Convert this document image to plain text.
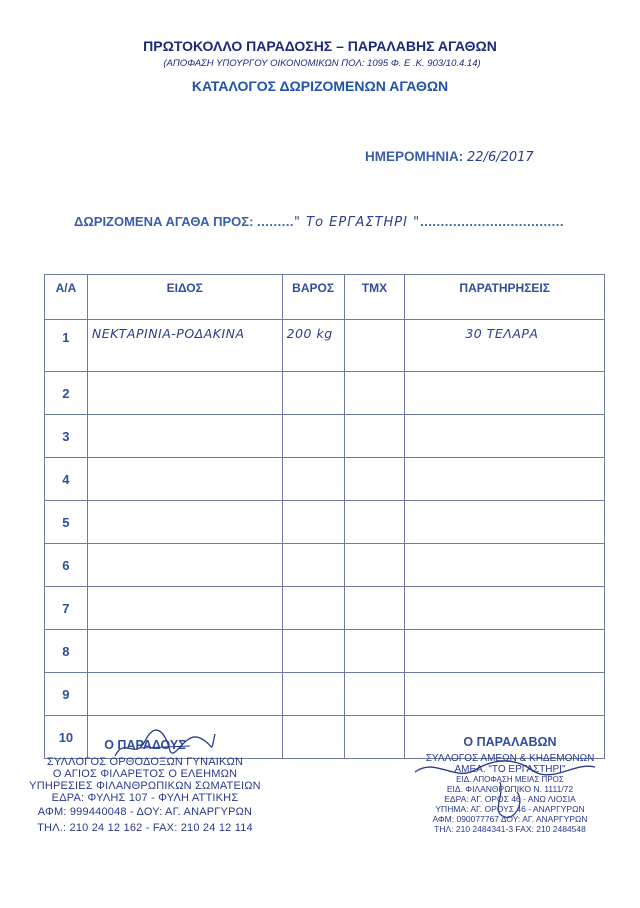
ΠΡΩΤΟΚΟΛΛΟ ΠΑΡΑΔΟΣΗΣ – ΠΑΡΑΛΑΒΗΣ ΑΓΑΘΩΝ
(ΑΠΟΦΑΣΗ ΥΠΟΥΡΓΟΥ ΟΙΚΟΝΟΜΙΚΩΝ ΠΟΛ: 1095 Φ. Ε .Κ. 903/10.4.14)
ΚΑΤΑΛΟΓΟΣ ΔΩΡΙΖΟΜΕΝΩΝ ΑΓΑΘΩΝ
ΗΜΕΡΟΜΗΝΙΑ: 22/6/2017
ΔΩΡΙΖΟΜΕΝΑ ΑΓΑΘΑ ΠΡΟΣ: ........." Το ΕΡΓΑΣΤΗΡΙ "...................................
Α/Α	ΕΙΔΟΣ	ΒΑΡΟΣ	ΤΜΧ	ΠΑΡΑΤΗΡΗΣΕΙΣ
1	ΝΕΚΤΑΡΙΝΙΑ-ΡΟΔΑΚΙΝΑ	200 kg		30 ΤΕΛΑΡΑ
2				
3				
4				
5				
6				
7				
8				
9				
10				
Ο ΠΑΡΑΔΟΥΣ
ΣΥΛΛΟΓΟΣ ΟΡΘΟΔΟΞΩΝ ΓΥΝΑΙΚΩΝ
Ο ΑΓΙΟΣ ΦΙΛΑΡΕΤΟΣ Ο ΕΛΕΗΜΩΝ
ΥΠΗΡΕΣΙΕΣ ΦΙΛΑΝΘΡΩΠΙΚΩΝ ΣΩΜΑΤΕΙΩΝ
ΕΔΡΑ: ΦΥΛΗΣ 107 - ΦΥΛΗ ΑΤΤΙΚΗΣ
ΑΦΜ: 999440048 - ΔΟΥ: ΑΓ. ΑΝΑΡΓΥΡΩΝ
ΤΗΛ.: 210 24 12 162 - FAX: 210 24 12 114
Ο ΠΑΡΑΛΑΒΩΝ
ΣΥΛΛΟΓΟΣ ΑΜΕΩΝ & ΚΗΔΕΜΟΝΩΝ
ΑΜΕΑ. "ΤΟ ΕΡΓΑΣΤΗΡΙ"
ΕΙΔ. ΑΠΟΦΑΣΗ ΜΕΙΑΣ ΠΡΟΣ
ΕΙΔ. ΦΙΛΑΝΘΡΩΠΙΚΟ Ν. 1111/72
ΕΔΡΑ: ΑΓ. ΟΡΟΣ 46 - ΑΝΩ ΛΙΟΣΙΑ
ΥΠΗΜΑ: ΑΓ. ΟΡΟΥΣ 46 - ΑΝΑΡΓΥΡΩΝ
ΑΦΜ: 090077767 ΔΟΥ: ΑΓ. ΑΝΑΡΓΥΡΩΝ
ΤΗΛ: 210 2484341-3 FAX: 210 2484548
